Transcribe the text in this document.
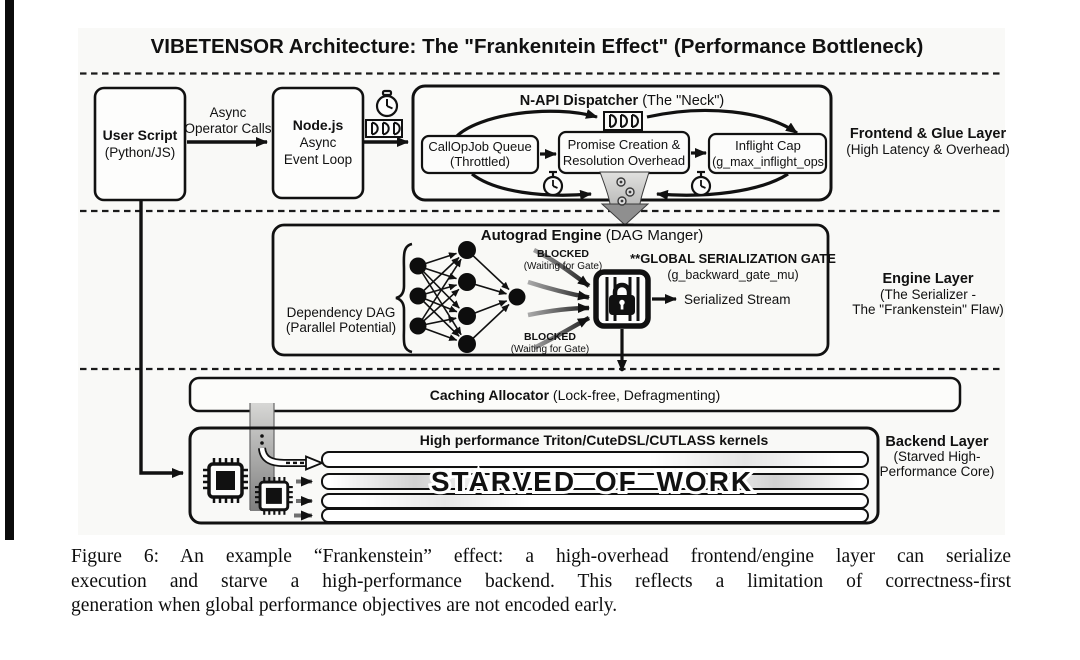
VIBETENSOR Architecture: The "Frankenıtein Effect" (Performance Bottleneck)
User Script
(Python/JS)
Async
Operator Calls Node.js
Async
Event Loop
N-API Dispatcher (The "Neck")
CallOpJob Queue
(Throttled)
Promise Creation &
Resolution Overhead
Inflight Cap
(g_max_inflight_ops
Frontend & Glue Layer
(High Latency & Overhead)
Autograd Engine (DAG Manger)
Dependency DAG
(Parallel Potential)
BLOCKED
(Waiting for Gate)
BLOCKED
(Waiting for Gate)
**GLOBAL SERIALIZATION GATE
(g_backward_gate_mu)
Serialized Stream
Engine Layer
(The Serializer -
The "Frankenstein" Flaw)
Caching Allocator (Lock-free, Defragmenting)
High performance Triton/CuteDSL/CUTLASS kernels
STARVED OF WORK
Backend Layer
(Starved High-
Performance Core)
Figure 6: An example “Frankenstein” effect: a high-overhead frontend/engine layer can serialize
execution and starve a high-performance backend. This reflects a limitation of correctness-first
generation when global performance objectives are not encoded early.
